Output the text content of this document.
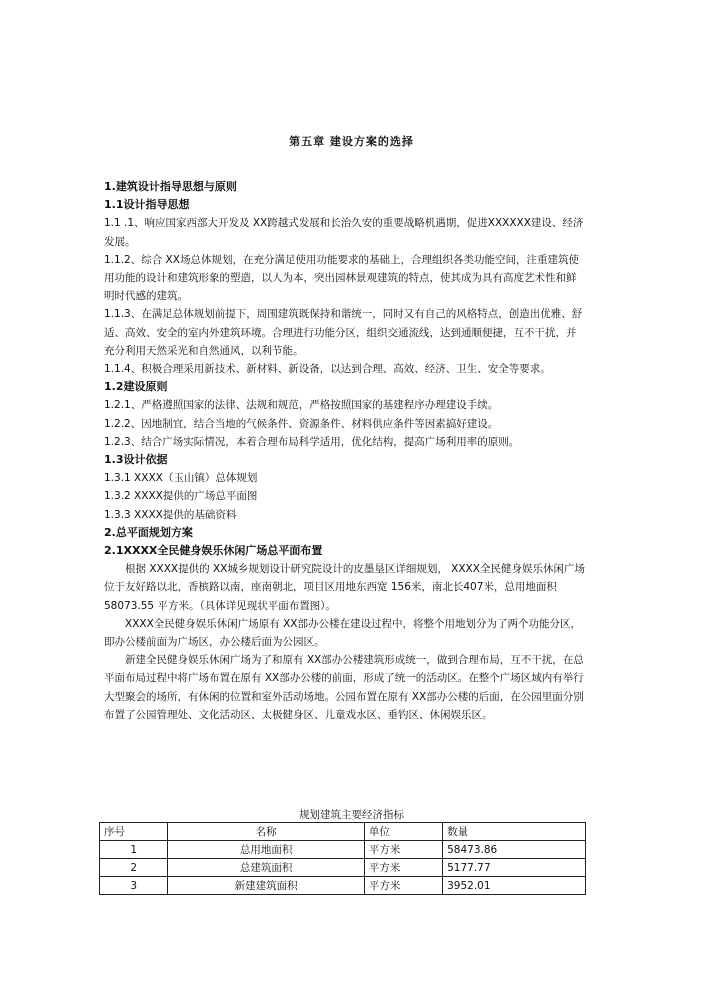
第五章 建设方案的选择

1.建筑设计指导思想与原则

1.1设计指导思想

1.1 .1、响应国家西部大开发及 XX跨越式发展和长治久安的重要战略机遇期，促进XXXXXX建设、经济发展。

1.1.2、综合 XX场总体规划，在充分满足使用功能要求的基础上，合理组织各类功能空间，注重建筑使用功能的设计和建筑形象的塑造，以人为本，突出园林景观建筑的特点，使其成为具有高度艺术性和鲜明时代感的建筑。

1.1.3、在满足总体规划前提下，周围建筑既保持和谐统一，同时又有自己的风格特点，创造出优雅、舒适、高效、安全的室内外建筑环境。合理进行功能分区，组织交通流线，达到通顺便捷，互不干扰，并充分利用天然采光和自然通风，以利节能。

1.1.4、积极合理采用新技术、新材料、新设备，以达到合理、高效、经济、卫生、安全等要求。

1.2建设原则

1.2.1、严格遵照国家的法律、法规和规范，严格按照国家的基建程序办理建设手续。

1.2.2、因地制宜，结合当地的气候条件、资源条件、材料供应条件等因素搞好建设。

1.2.3、结合广场实际情况，本着合理布局科学适用，优化结构，提高广场利用率的原则。

1.3设计依据

1.3.1 XXXX（玉山镇）总体规划

1.3.2 XXXX提供的广场总平面图

1.3.3 XXXX提供的基础资料

2.总平面规划方案

2.1XXXX全民健身娱乐休闲广场总平面布置

根据 XXXX提供的 XX城乡规划设计研究院设计的皮墨垦区详细规划， XXXX全民健身娱乐休闲广场位于友好路以北，香槟路以南，座南朝北，项目区用地东西宽 156米，南北长407米，总用地面积 58073.55 平方米。（具体详见现状平面布置图）。

XXXX全民健身娱乐休闲广场原有 XX部办公楼在建设过程中，将整个用地划分为了两个功能分区，即办公楼前面为广场区，办公楼后面为公园区。

新建全民健身娱乐休闲广场为了和原有 XX部办公楼建筑形成统一，做到合理布局，互不干扰，在总平面布局过程中将广场布置在原有 XX部办公楼的前面，形成了统一的活动区。在整个广场区域内有举行大型聚会的场所，有休闲的位置和室外活动场地。公园布置在原有 XX部办公楼的后面，在公园里面分别布置了公园管理处、文化活动区、太极健身区、儿童戏水区、垂钓区、休闲娱乐区。

规划建筑主要经济指标
序号	名称	单位	数量
1	总用地面积	平方米	58473.86
2	总建筑面积	平方米	5177.77
3	新建建筑面积	平方米	3952.01
